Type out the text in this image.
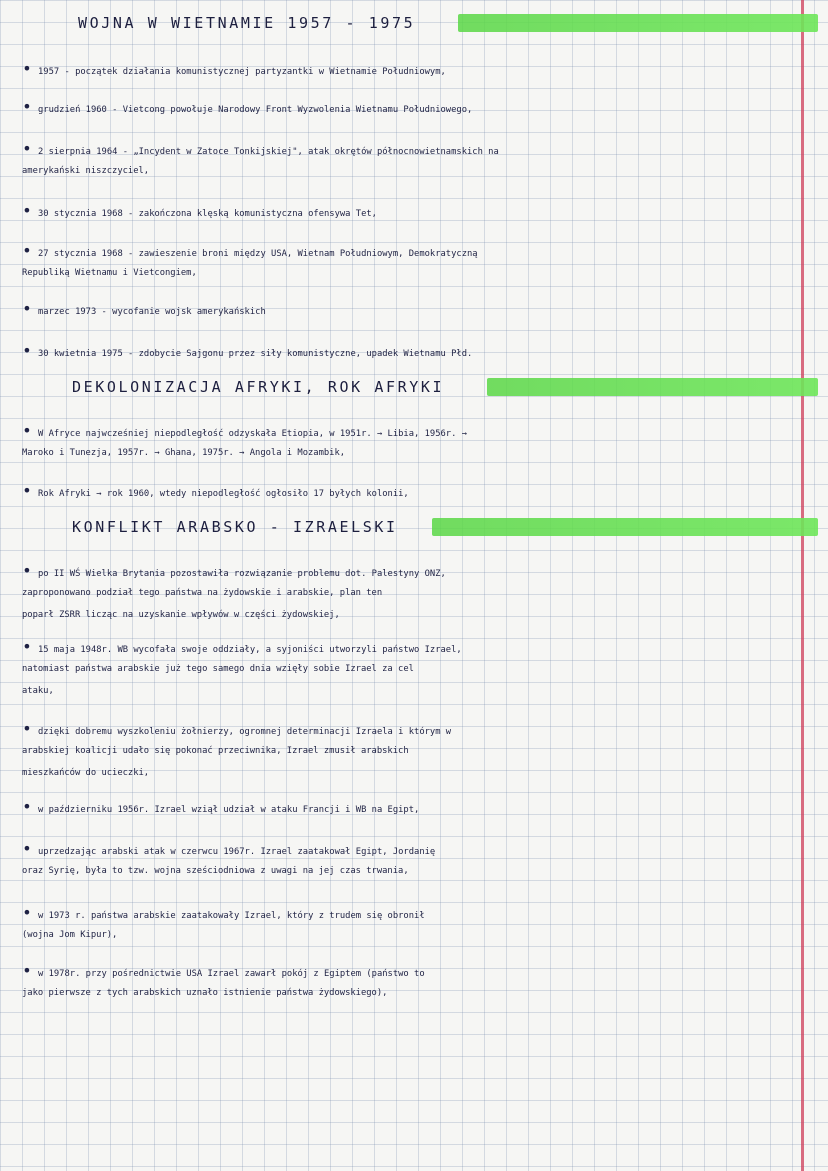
WOJNA W WIETNAMIE 1957 - 1975
• 1957 - początek działania komunistycznej partyzantki w Wietnamie Południowym,
• grudzień 1960 - Vietcong powołuje Narodowy Front Wyzwolenia Wietnamu Południowego,
• 2 sierpnia 1964 - „Incydent w Zatoce Tonkijskiej", atak okrętów północnowietnamskich na
amerykański niszczyciel,
• 30 stycznia 1968 - zakończona klęską komunistyczna ofensywa Tet,
• 27 stycznia 1968 - zawieszenie broni między USA, Wietnam Południowym, Demokratyczną
Republiką Wietnamu i Vietcongiem,
• marzec 1973 - wycofanie wojsk amerykańskich
• 30 kwietnia 1975 - zdobycie Sajgonu przez siły komunistyczne, upadek Wietnamu Płd.
DEKOLONIZACJA AFRYKI, ROK AFRYKI
• W Afryce najwcześniej niepodległość odzyskała Etiopia, w 1951r. → Libia, 1956r. →
Maroko i Tunezja, 1957r. → Ghana, 1975r. → Angola i Mozambik,
• Rok Afryki → rok 1960, wtedy niepodległość ogłosiło 17 byłych kolonii,
KONFLIKT ARABSKO - IZRAELSKI
• po II WŚ Wielka Brytania pozostawiła rozwiązanie problemu dot. Palestyny ONZ,
zaproponowano podział tego państwa na żydowskie i arabskie, plan ten
poparł ZSRR licząc na uzyskanie wpływów w części żydowskiej,
• 15 maja 1948r. WB wycofała swoje oddziały, a syjoniści utworzyli państwo Izrael,
natomiast państwa arabskie już tego samego dnia wzięły sobie Izrael za cel
ataku,
• dzięki dobremu wyszkoleniu żołnierzy, ogromnej determinacji Izraela i którym w
arabskiej koalicji udało się pokonać przeciwnika, Izrael zmusił arabskich
mieszkańców do ucieczki,
• w październiku 1956r. Izrael wziął udział w ataku Francji i WB na Egipt,
• uprzedzając arabski atak w czerwcu 1967r. Izrael zaatakował Egipt, Jordanię
oraz Syrię, była to tzw. wojna sześciodniowa z uwagi na jej czas trwania,
• w 1973 r. państwa arabskie zaatakowały Izrael, który z trudem się obronił
(wojna Jom Kipur),
• w 1978r. przy pośrednictwie USA Izrael zawarł pokój z Egiptem (państwo to
jako pierwsze z tych arabskich uznało istnienie państwa żydowskiego),
